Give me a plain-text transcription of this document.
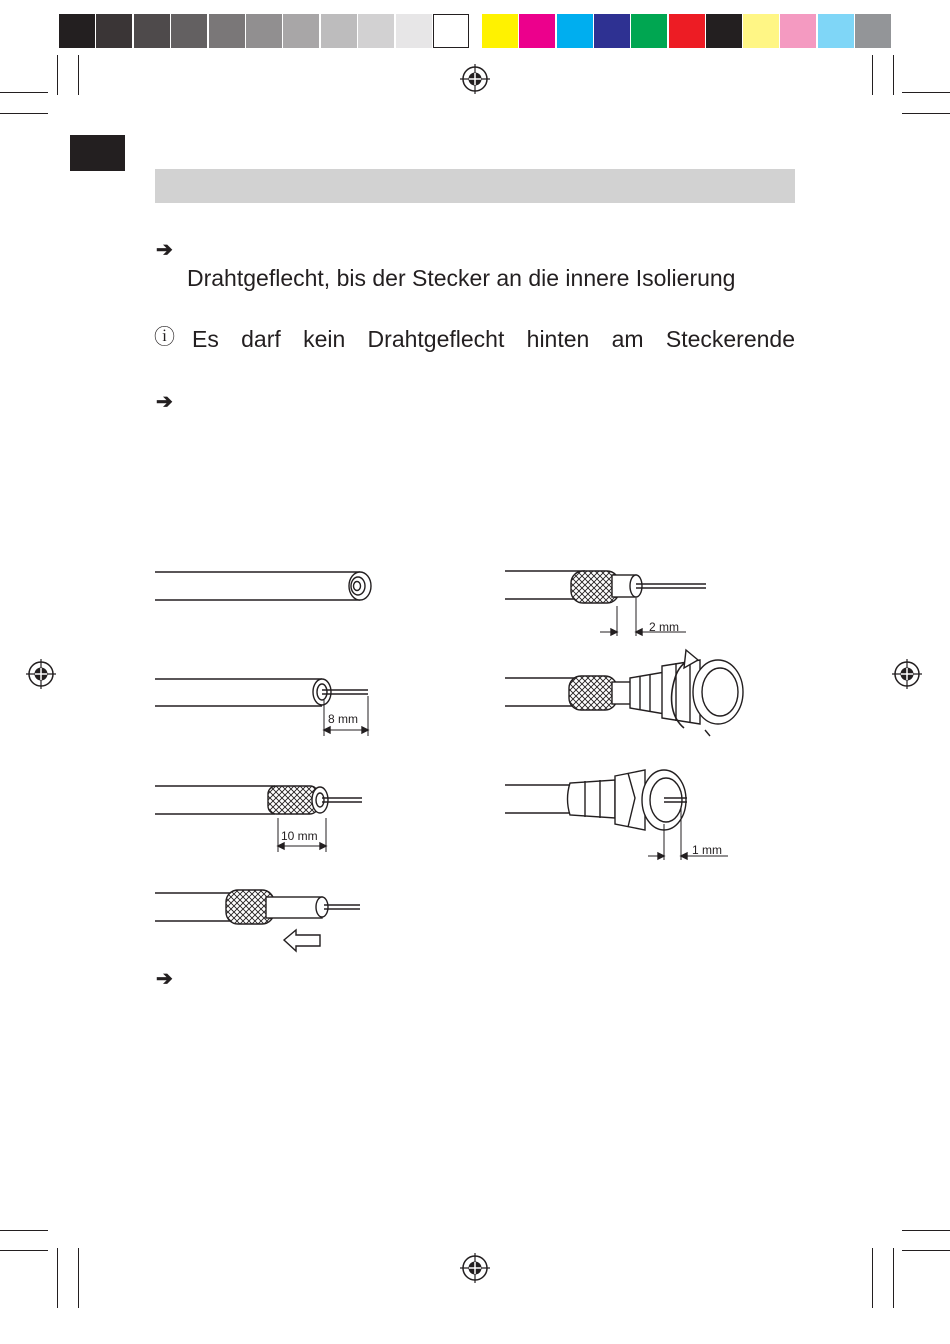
➔
Drahtgeflecht, bis der Stecker an die innere Isolierung
ⓘ Es darf kein Drahtgeflecht hinten am Steckerende
➔
➔
8 mm
10 mm
2 mm
1 mm
